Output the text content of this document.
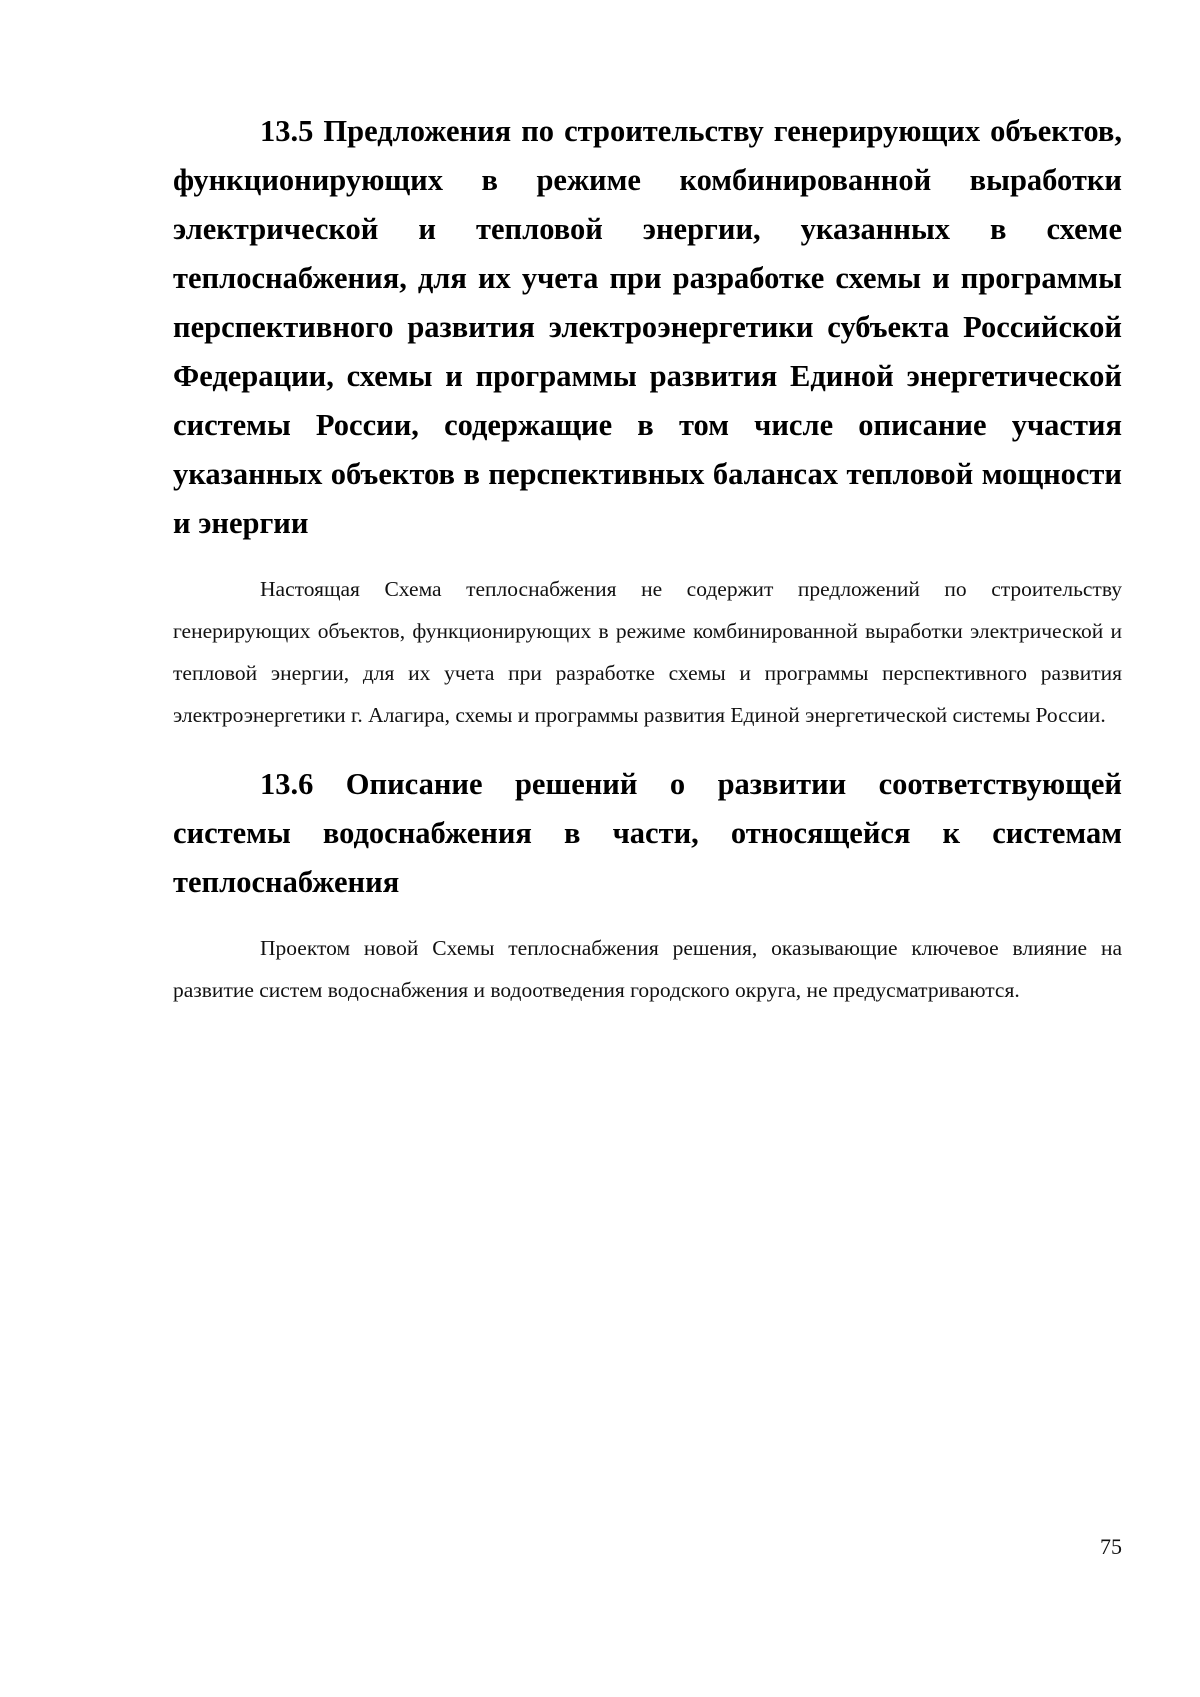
13.5 Предложения по строительству генерирующих объектов, функционирующих в режиме комбинированной выработки электрической и тепловой энергии, указанных в схеме теплоснабжения, для их учета при разработке схемы и программы перспективного развития электроэнергетики субъекта Российской Федерации, схемы и программы развития Единой энергетической системы России, содержащие в том числе описание участия указанных объектов в перспективных балансах тепловой мощности и энергии

Настоящая Схема теплоснабжения не содержит предложений по строительству генерирующих объектов, функционирующих в режиме комбинированной выработки электрической и тепловой энергии, для их учета при разработке схемы и программы перспективного развития электроэнергетики г. Алагира, схемы и программы развития Единой энергетической системы России.

13.6 Описание решений о развитии соответствующей системы водоснабжения в части, относящейся к системам теплоснабжения

Проектом новой Схемы теплоснабжения решения, оказывающие ключевое влияние на развитие систем водоснабжения и водоотведения городского округа, не предусматриваются.

75
